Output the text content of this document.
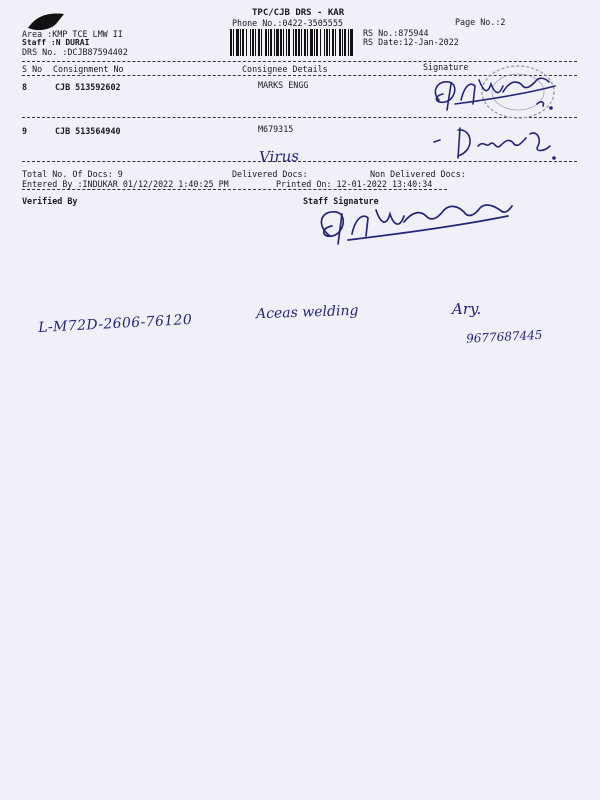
TPC/CJB DRS - KAR
Phone No.:0422-3505555	Page No.:2
Area :KMP TCE LMW II
Staff :N DURAI
DRS No. :DCJB87594402
RS No.:875944
RS Date:12-Jan-2022
S No Consignment No	Consignee Details	Signature
8	CJB 513592602	MARKS ENGG
9	CJB 513564940	M679315
Total No. Of Docs: 9	Delivered Docs:	Non Delivered Docs:
Entered By :INDUKAR 01/12/2022 1:40:25 PM	Printed On: 12-01-2022 13:40:34
Verified By	Staff Signature
Virus
L-M72D-2606-76120	Aceas welding	Ary.
9677687445
